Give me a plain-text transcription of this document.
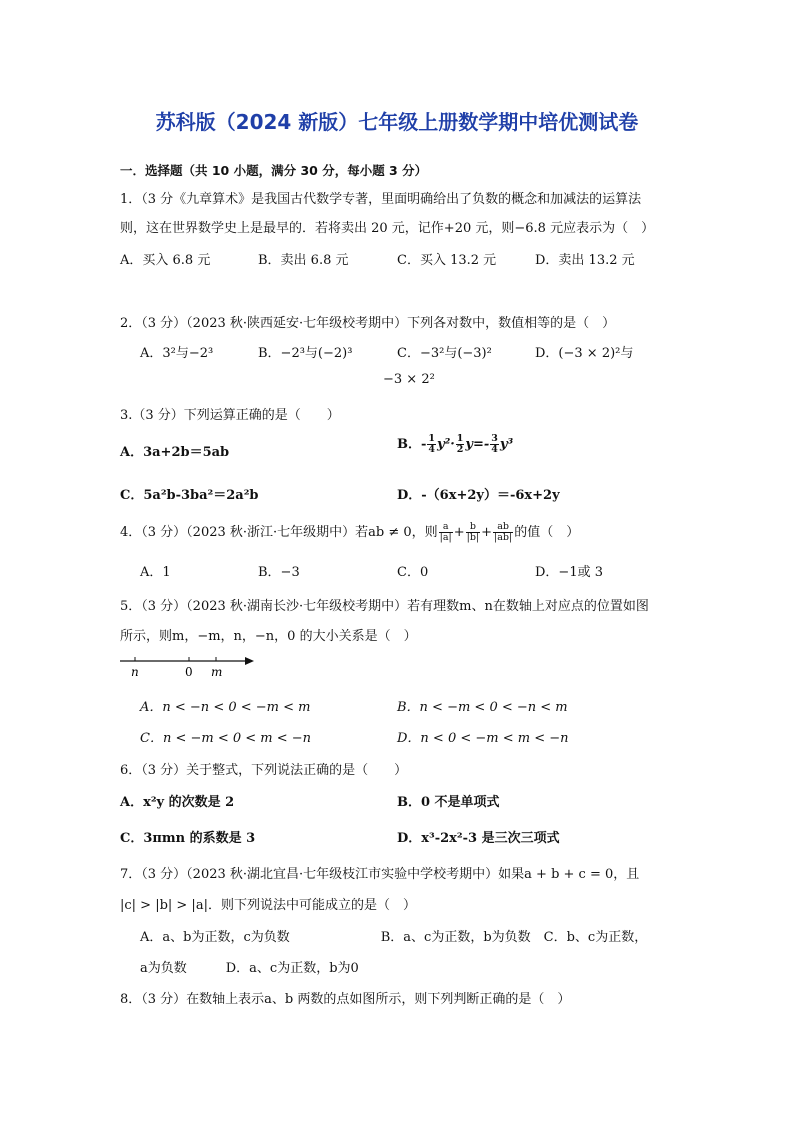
苏科版（2024 新版）七年级上册数学期中培优测试卷
一．选择题（共 10 小题，满分 30 分，每小题 3 分）
1．（3 分《九章算术》是我国古代数学专著，里面明确给出了负数的概念和加减法的运算法
则，这在世界数学史上是最早的．若将卖出 20 元，记作+20 元，则−6.8 元应表示为（　）
A．买入 6.8 元	B．卖出 6.8 元	C．买入 13.2 元	D．卖出 13.2 元
2．（3 分）（2023 秋·陕西延安·七年级校考期中）下列各对数中，数值相等的是（　）
A．3²与−2³	B．−2³与(−2)³	C．−3²与(−3)²	D．(−3 × 2)²与
−3 × 2²
3.（3 分）下列运算正确的是（　　）
A．3a+2b＝5ab
B．- $\frac{1}{4} y^2\cdot \frac{1}{2} y=- \frac{3}{4} y^3$
C．5a²b-3ba²＝2a²b	D．-（6x+2y）＝-6x+2y
4．（3 分）（2023 秋·浙江·七年级期中）若ab ≠ 0，则 $\frac{a}{|a|} + \frac{b}{|b|} + \frac{ab}{|ab|}$ 的值（　）
A．1	B．−3	C．0	D．−1或 3
5．（3 分）（2023 秋·湖南长沙·七年级校考期中）若有理数m、n在数轴上对应点的位置如图
所示，则m，−m，n，−n，0 的大小关系是（　）
n	0 m
A．n < −n < 0 < −m < m	B．n < −m < 0 < −n < m
C．n < −m < 0 < m < −n	D．n < 0 < −m < m < −n
6．（3 分）关于整式，下列说法正确的是（　　）
A．x²y 的次数是 2	B．0 不是单项式
C．3πmn 的系数是 3	D．x³-2x²-3 是三次三项式
7．（3 分）（2023 秋·湖北宜昌·七年级枝江市实验中学校考期中）如果a + b + c = 0，且
|c| > |b| > |a|．则下列说法中可能成立的是（　）
A．a、b为正数，c为负数　　　　　　　B．a、c为正数，b为负数　C．b、c为正数，
a为负数　　　D．a、c为正数，b为0
8．（3 分）在数轴上表示a、b 两数的点如图所示，则下列判断正确的是（　）
